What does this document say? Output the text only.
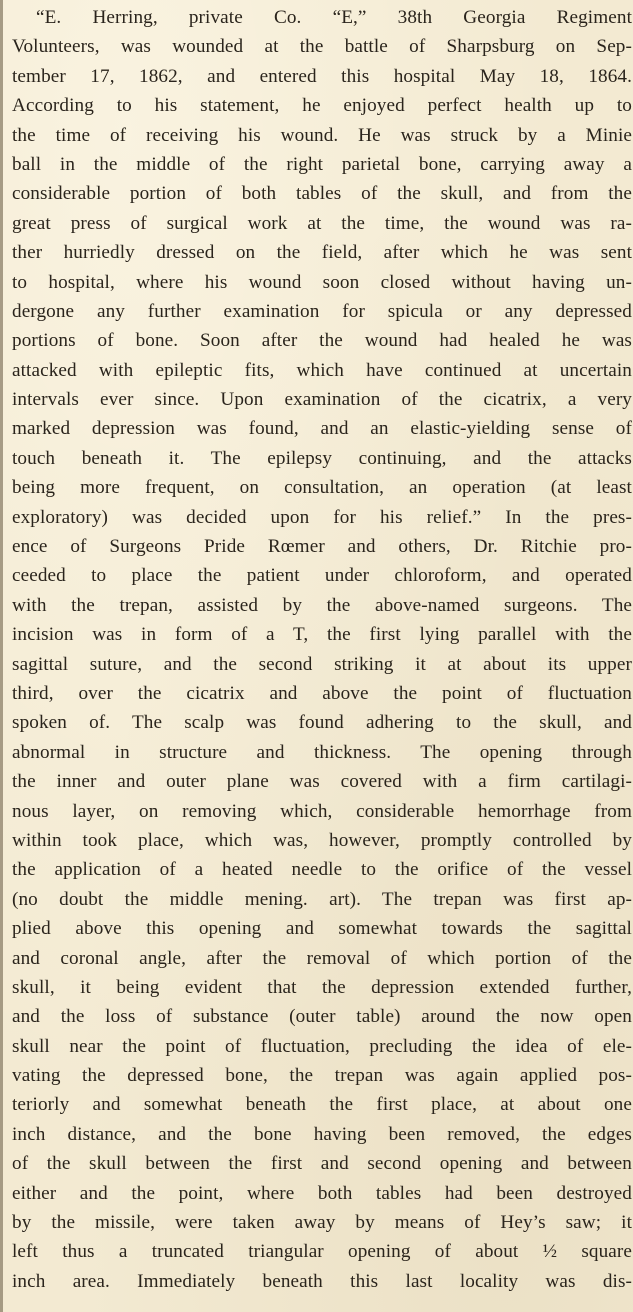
“E. Herring, private Co. “E,” 38th Georgia Regiment
Volunteers, was wounded at the battle of Sharpsburg on Sep-
tember 17, 1862, and entered this hospital May 18, 1864.
According to his statement, he enjoyed perfect health up to
the time of receiving his wound. He was struck by a Minie
ball in the middle of the right parietal bone, carrying away a
considerable portion of both tables of the skull, and from the
great press of surgical work at the time, the wound was ra-
ther hurriedly dressed on the field, after which he was sent
to hospital, where his wound soon closed without having un-
dergone any further examination for spicula or any depressed
portions of bone. Soon after the wound had healed he was
attacked with epileptic fits, which have continued at uncertain
intervals ever since. Upon examination of the cicatrix, a very
marked depression was found, and an elastic-yielding sense of
touch beneath it. The epilepsy continuing, and the attacks
being more frequent, on consultation, an operation (at least
exploratory) was decided upon for his relief.” In the pres-
ence of Surgeons Pride Rœmer and others, Dr. Ritchie pro-
ceeded to place the patient under chloroform, and operated
with the trepan, assisted by the above-named surgeons. The
incision was in form of a T, the first lying parallel with the
sagittal suture, and the second striking it at about its upper
third, over the cicatrix and above the point of fluctuation
spoken of. The scalp was found adhering to the skull, and
abnormal in structure and thickness. The opening through
the inner and outer plane was covered with a firm cartilagi-
nous layer, on removing which, considerable hemorrhage from
within took place, which was, however, promptly controlled by
the application of a heated needle to the orifice of the vessel
(no doubt the middle mening. art). The trepan was first ap-
plied above this opening and somewhat towards the sagittal
and coronal angle, after the removal of which portion of the
skull, it being evident that the depression extended further,
and the loss of substance (outer table) around the now open
skull near the point of fluctuation, precluding the idea of ele-
vating the depressed bone, the trepan was again applied pos-
teriorly and somewhat beneath the first place, at about one
inch distance, and the bone having been removed, the edges
of the skull between the first and second opening and between
either and the point, where both tables had been destroyed
by the missile, were taken away by means of Hey’s saw; it
left thus a truncated triangular opening of about ½ square
inch area. Immediately beneath this last locality was dis-
